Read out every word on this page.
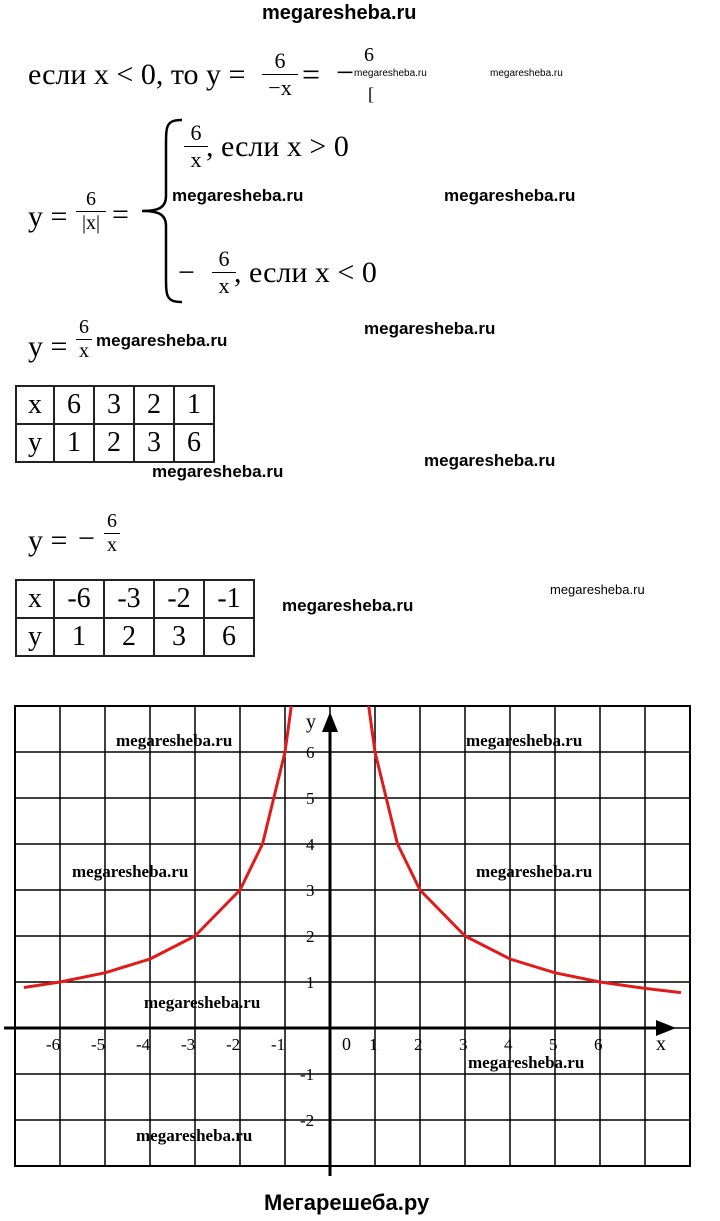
megaresheba.ru
если x < 0, то y =	6
−x = − 6
[
megaresheba.ru	megaresheba.ru
y =
6
|x| =
6
x , если x > 0
− 6
x , если x < 0
megaresheba.ru	megaresheba.ru
y =
6
x megaresheba.ru
megaresheba.ru
x	6	3	2	1
y	1	2	3	6
megaresheba.ru
megaresheba.ru
y = −
6
x
x	-6	-3	-2	-1
y	1	2	3	6
megaresheba.ru
megaresheba.ru
-6 -5 -4 -3 -2 -1	1 2 3 4 5 6
6
5
4
3
2
1
-1
-2
x
y
0
megaresheba.ru	megaresheba.ru
megaresheba.ru	megaresheba.ru
megaresheba.ru
megaresheba.ru
megaresheba.ru
Мегарешеба.ру
